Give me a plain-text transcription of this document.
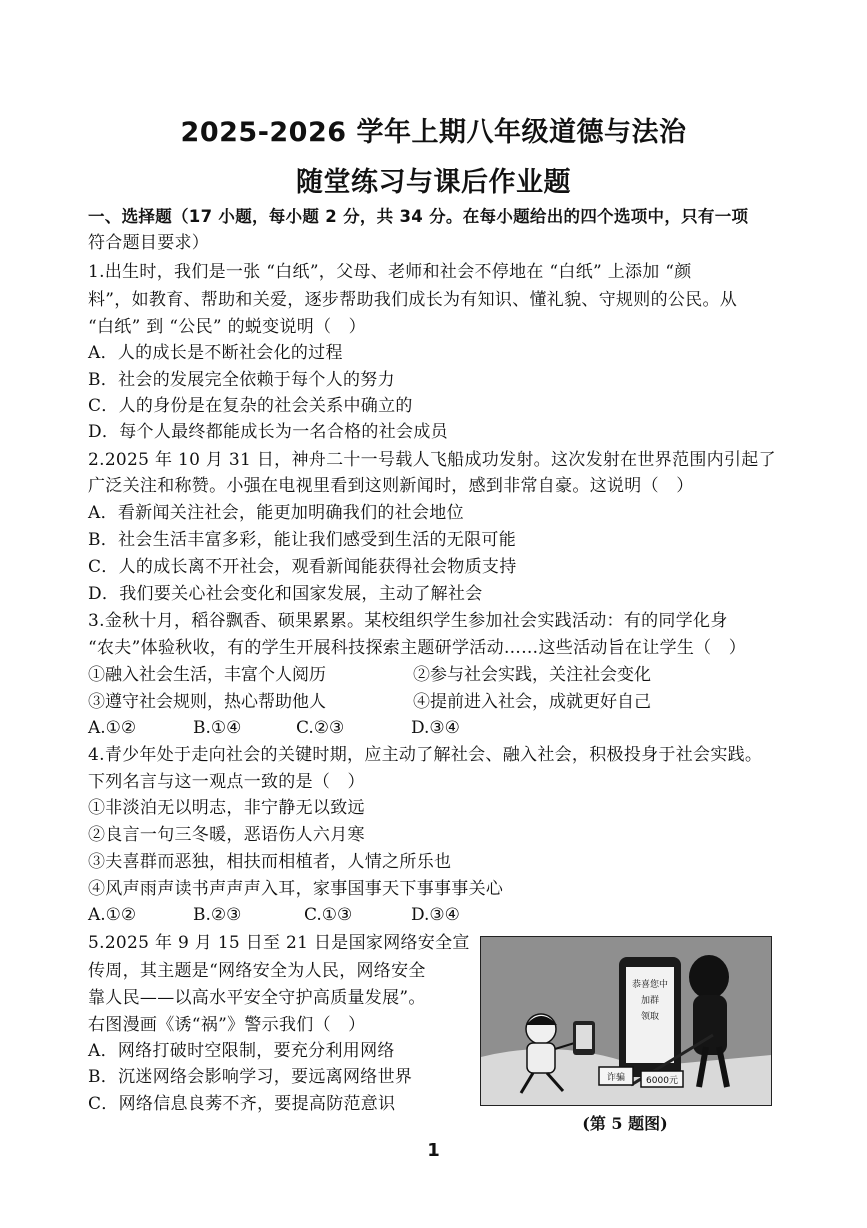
2025-2026 学年上期八年级道德与法治
随堂练习与课后作业题
一、选择题（17 小题，每小题 2 分，共 34 分。在每小题给出的四个选项中，只有一项
符合题目要求）
1.出生时，我们是一张 “白纸”，父母、老师和社会不停地在 “白纸” 上添加 “颜
料”，如教育、帮助和关爱，逐步帮助我们成长为有知识、懂礼貌、守规则的公民。从
“白纸” 到 “公民” 的蜕变说明（　）
A．人的成长是不断社会化的过程
B．社会的发展完全依赖于每个人的努力
C．人的身份是在复杂的社会关系中确立的
D．每个人最终都能成长为一名合格的社会成员
2.2025 年 10 月 31 日，神舟二十一号载人飞船成功发射。这次发射在世界范围内引起了
广泛关注和称赞。小强在电视里看到这则新闻时，感到非常自豪。这说明（　）
A．看新闻关注社会，能更加明确我们的社会地位
B．社会生活丰富多彩，能让我们感受到生活的无限可能
C．人的成长离不开社会，观看新闻能获得社会物质支持
D．我们要关心社会变化和国家发展，主动了解社会
3.金秋十月，稻谷飘香、硕果累累。某校组织学生参加社会实践活动：有的同学化身
“农夫”体验秋收，有的学生开展科技探索主题研学活动……这些活动旨在让学生（　）
①融入社会生活，丰富个人阅历	②参与社会实践，关注社会变化
③遵守社会规则，热心帮助他人	④提前进入社会，成就更好自己
A.①②	B.①④	C.②③	D.③④
4.青少年处于走向社会的关键时期，应主动了解社会、融入社会，积极投身于社会实践。
下列名言与这一观点一致的是（　）
①非淡泊无以明志，非宁静无以致远
②良言一句三冬暖，恶语伤人六月寒
③夫喜群而恶独，相扶而相植者，人情之所乐也
④风声雨声读书声声声入耳，家事国事天下事事事关心
A.①②	B.②③	C.①③	D.③④
5.2025 年 9 月 15 日至 21 日是国家网络安全宣
传周，其主题是“网络安全为人民，网络安全
靠人民——以高水平安全守护高质量发展”。
右图漫画《诱“祸”》警示我们（　）
A．网络打破时空限制，要充分利用网络
B．沉迷网络会影响学习，要远离网络世界
C．网络信息良莠不齐，要提高防范意识
恭喜您中
加群
领取
诈骗 6000元
(第 5 题图)
1
